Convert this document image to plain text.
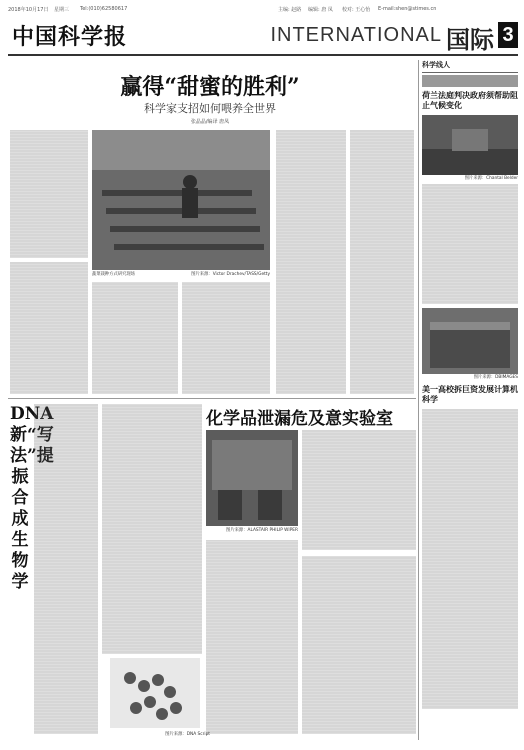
2018年10月17日 星期三 Tel:(010)62580617	主编: 赵路 编辑: 唐 凤 校对: 王心怡 E-mail:shen@stimes.cn
中国科学报	INTERNATIONAL 国际 3
赢得“甜蜜的胜利”
科学家支招如何喂养全世界
张晶晶/编译 唐凤
蔬菜栽种方式研究现场	图片来源：Victor Drachev/TASS/Getty
科学线人
荷兰法庭判决政府须帮助阻止气候变化
图片来源：Chantal Belder
图片来源：DBIMAGES
美一高校拆巨资发展计算机科学
DNA新“写法”提振合成生物学
图片来源：DNA Script
化学品泄漏危及意实验室
图片来源：ALASTAIR PHILIP WIPER
